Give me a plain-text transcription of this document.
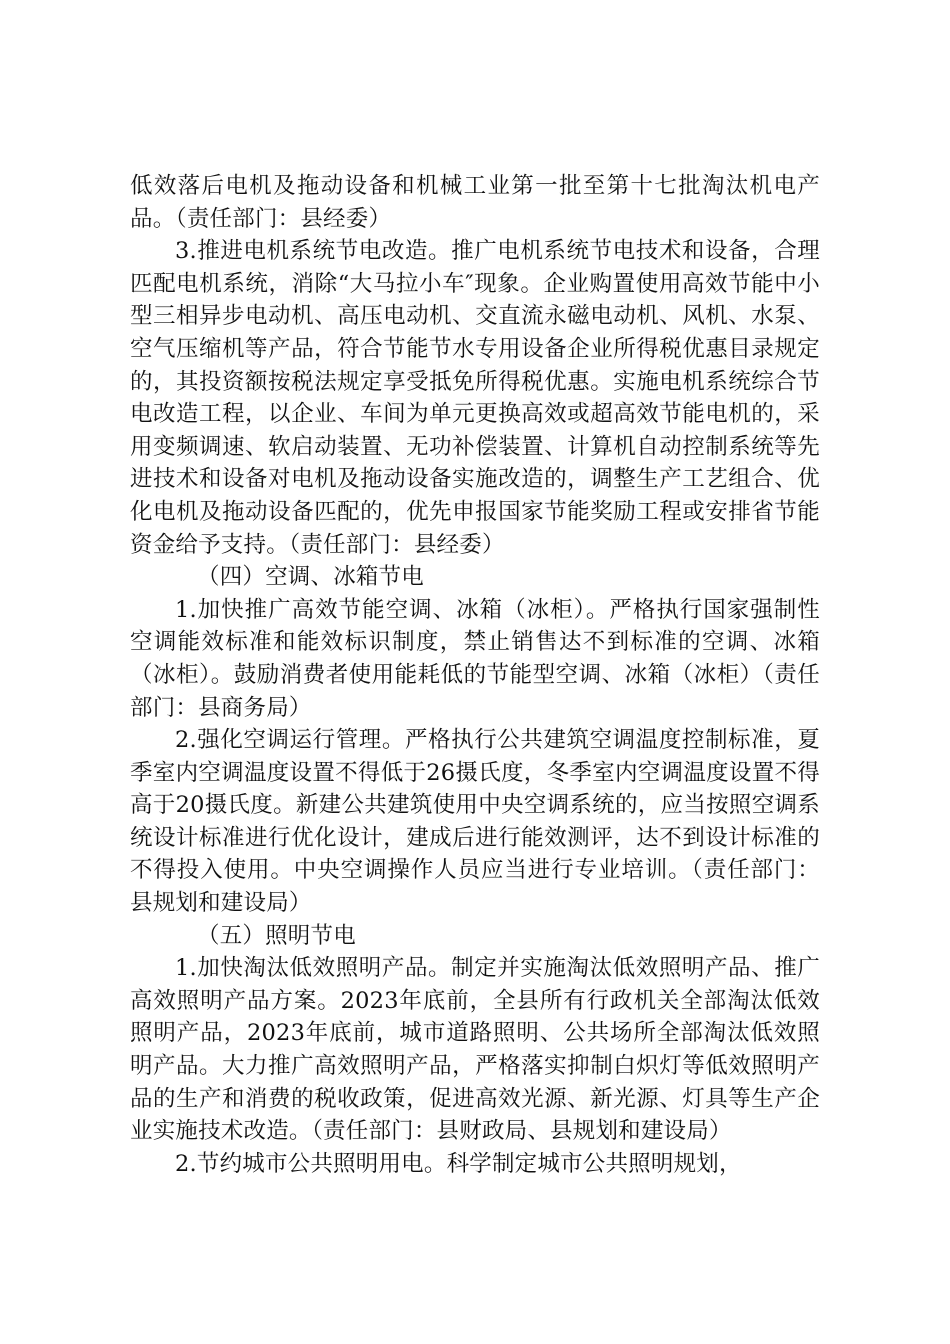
低效落后电机及拖动设备和机械工业第一批至第十七批淘汰机电产品。（责任部门：县经委）

3.推进电机系统节电改造。推广电机系统节电技术和设备，合理匹配电机系统，消除“大马拉小车″现象。企业购置使用高效节能中小型三相异步电动机、高压电动机、交直流永磁电动机、风机、水泵、空气压缩机等产品，符合节能节水专用设备企业所得税优惠目录规定的，其投资额按税法规定享受抵免所得税优惠。实施电机系统综合节电改造工程，以企业、车间为单元更换高效或超高效节能电机的，采用变频调速、软启动装置、无功补偿装置、计算机自动控制系统等先进技术和设备对电机及拖动设备实施改造的，调整生产工艺组合、优化电机及拖动设备匹配的，优先申报国家节能奖励工程或安排省节能资金给予支持。（责任部门：县经委）

（四）空调、冰箱节电

1.加快推广高效节能空调、冰箱（冰柜）。严格执行国家强制性空调能效标准和能效标识制度，禁止销售达不到标准的空调、冰箱（冰柜）。鼓励消费者使用能耗低的节能型空调、冰箱（冰柜）（责任部门：县商务局）

2.强化空调运行管理。严格执行公共建筑空调温度控制标准，夏季室内空调温度设置不得低于26摄氏度，冬季室内空调温度设置不得高于20摄氏度。新建公共建筑使用中央空调系统的，应当按照空调系统设计标准进行优化设计，建成后进行能效测评，达不到设计标准的不得投入使用。中央空调操作人员应当进行专业培训。（责任部门：县规划和建设局）

（五）照明节电

1.加快淘汰低效照明产品。制定并实施淘汰低效照明产品、推广高效照明产品方案。2023年底前，全县所有行政机关全部淘汰低效照明产品，2023年底前，城市道路照明、公共场所全部淘汰低效照明产品。大力推广高效照明产品，严格落实抑制白炽灯等低效照明产品的生产和消费的税收政策，促进高效光源、新光源、灯具等生产企业实施技术改造。（责任部门：县财政局、县规划和建设局）

2.节约城市公共照明用电。科学制定城市公共照明规划，
